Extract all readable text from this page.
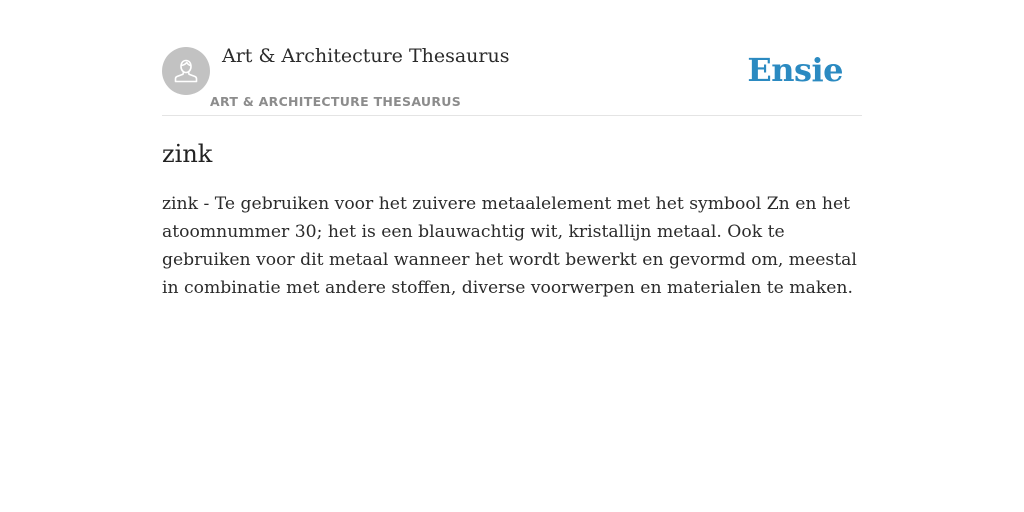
Art & Architecture Thesaurus
ART & ARCHITECTURE THESAURUS
Ensie
zink

zink - Te gebruiken voor het zuivere metaalelement met het symbool Zn en het atoomnummer 30; het is een blauwachtig wit, kristallijn metaal. Ook te gebruiken voor dit metaal wanneer het wordt bewerkt en gevormd om, meestal in combinatie met andere stoffen, diverse voorwerpen en materialen te maken.
